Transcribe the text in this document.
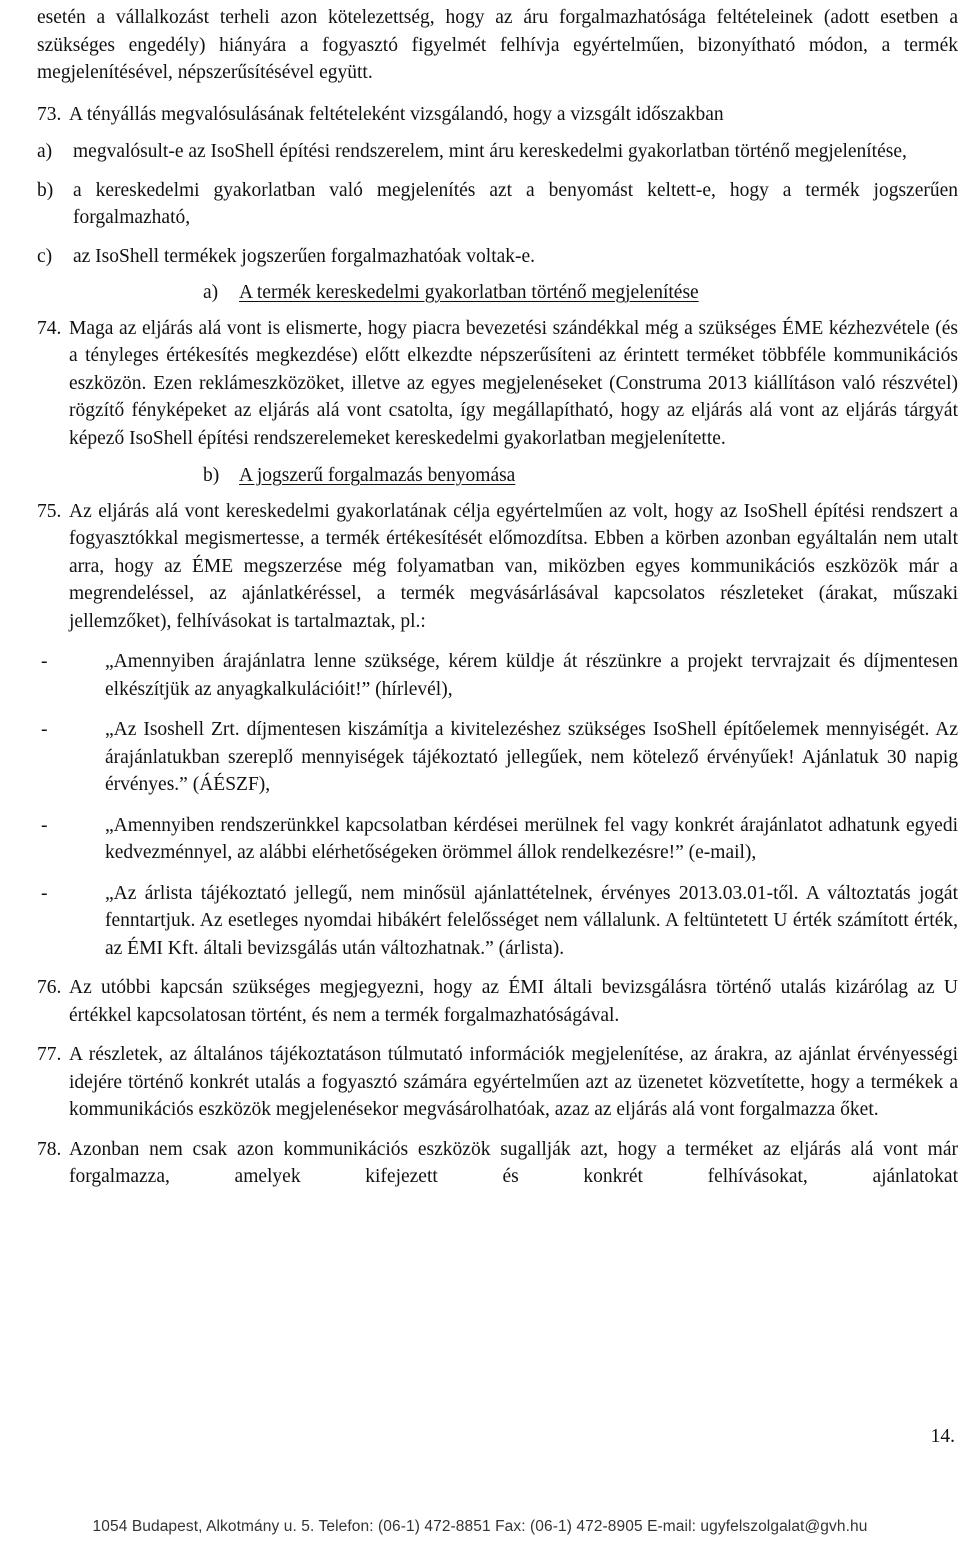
esetén a vállalkozást terheli azon kötelezettség, hogy az áru forgalmazhatósága feltételeinek (adott esetben a szükséges engedély) hiányára a fogyasztó figyelmét felhívja egyértelműen, bizonyítható módon, a termék megjelenítésével, népszerűsítésével együtt.

73. A tényállás megvalósulásának feltételeként vizsgálandó, hogy a vizsgált időszakban
a)	megvalósult-e az IsoShell építési rendszerelem, mint áru kereskedelmi gyakorlatban történő megjelenítése,
b)	a kereskedelmi gyakorlatban való megjelenítés azt a benyomást keltett-e, hogy a termék jogszerűen forgalmazható,
c)	az IsoShell termékek jogszerűen forgalmazhatóak voltak-e.
a)	A termék kereskedelmi gyakorlatban történő megjelenítése
74. Maga az eljárás alá vont is elismerte, hogy piacra bevezetési szándékkal még a szükséges ÉME kézhezvétele (és a tényleges értékesítés megkezdése) előtt elkezdte népszerűsíteni az érintett terméket többféle kommunikációs eszközön. Ezen reklámeszközöket, illetve az egyes megjelenéseket (Construma 2013 kiállításon való részvétel) rögzítő fényképeket az eljárás alá vont csatolta, így megállapítható, hogy az eljárás alá vont az eljárás tárgyát képező IsoShell építési rendszerelemeket kereskedelmi gyakorlatban megjelenítette.
b)	A jogszerű forgalmazás benyomása
75. Az eljárás alá vont kereskedelmi gyakorlatának célja egyértelműen az volt, hogy az IsoShell építési rendszert a fogyasztókkal megismertesse, a termék értékesítését előmozdítsa. Ebben a körben azonban egyáltalán nem utalt arra, hogy az ÉME megszerzése még folyamatban van, miközben egyes kommunikációs eszközök már a megrendeléssel, az ajánlatkéréssel, a termék megvásárlásával kapcsolatos részleteket (árakat, műszaki jellemzőket), felhívásokat is tartalmaztak, pl.:
-	„Amennyiben árajánlatra lenne szüksége, kérem küldje át részünkre a projekt tervrajzait és díjmentesen elkészítjük az anyagkalkulációit!” (hírlevél),
-	„Az Isoshell Zrt. díjmentesen kiszámítja a kivitelezéshez szükséges IsoShell építőelemek mennyiségét. Az árajánlatukban szereplő mennyiségek tájékoztató jellegűek, nem kötelező érvényűek! Ajánlatuk 30 napig érvényes.” (ÁÉSZF),
-	„Amennyiben rendszerünkkel kapcsolatban kérdései merülnek fel vagy konkrét árajánlatot adhatunk egyedi kedvezménnyel, az alábbi elérhetőségeken örömmel állok rendelkezésre!” (e-mail),
-	„Az árlista tájékoztató jellegű, nem minősül ajánlattételnek, érvényes 2013.03.01-től. A változtatás jogát fenntartjuk. Az esetleges nyomdai hibákért felelősséget nem vállalunk. A feltüntetett U érték számított érték, az ÉMI Kft. általi bevizsgálás után változhatnak.” (árlista).
76. Az utóbbi kapcsán szükséges megjegyezni, hogy az ÉMI általi bevizsgálásra történő utalás kizárólag az U értékkel kapcsolatosan történt, és nem a termék forgalmazhatóságával.
77. A részletek, az általános tájékoztatáson túlmutató információk megjelenítése, az árakra, az ajánlat érvényességi idejére történő konkrét utalás a fogyasztó számára egyértelműen azt az üzenetet közvetítette, hogy a termékek a kommunikációs eszközök megjelenésekor megvásárolhatóak, azaz az eljárás alá vont forgalmazza őket.
78. Azonban nem csak azon kommunikációs eszközök sugallják azt, hogy a terméket az eljárás alá vont már forgalmazza, amelyek kifejezett és konkrét felhívásokat, ajánlatokat
14.
1054 Budapest, Alkotmány u. 5. Telefon: (06-1) 472-8851 Fax: (06-1) 472-8905 E-mail: ugyfelszolgalat@gvh.hu
